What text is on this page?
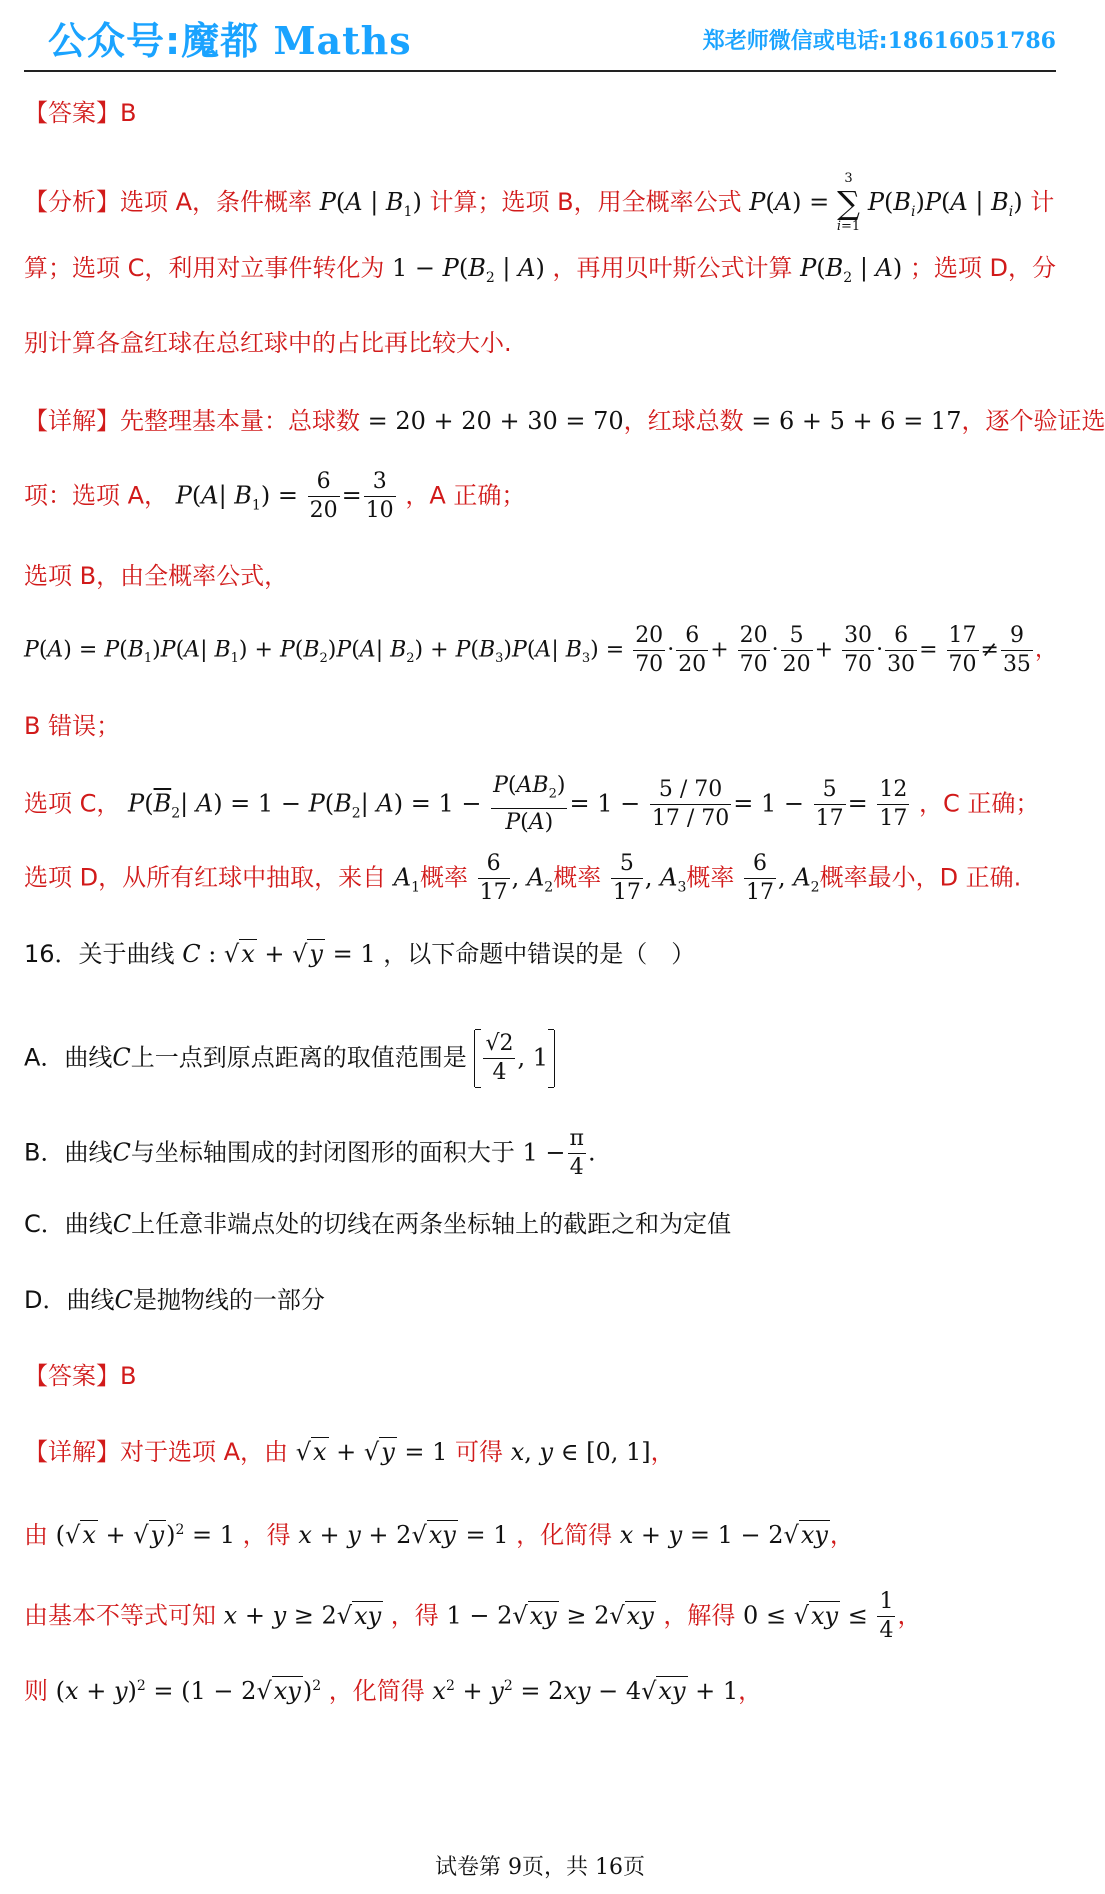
公众号:魔都 Maths	郑老师微信或电话:18616051786
【答案】B
【分析】选项 A，条件概率 P(A | $B_1$) 计算；选项 B，用全概率公式 P(A) =
3
∑
i=1
$P(B_i)P(A$ | $B_i$) 计
算；选项 C，利用对立事件转化为 $1 - P(B_2$ | A) ，再用贝叶斯公式计算 $P(B_2$ | A) ；选项 D，分
别计算各盒红球在总红球中的占比再比较大小.
【详解】先整理基本量：总球数 = 20 + 20 + 30 = 70，红球总数 = 6 + 5 + 6 = 17，逐个验证选
项：选项 A， P(A| $B_1) = \frac{6}{20} = \frac{3}{10}$ ，A 正确；
选项 B，由全概率公式，
$P(A) = P(B_1)P(A|$ $B_1) + P(B_2)P(A|$ $B_2) + P(B_3)P(A|$ $B_3) = \frac{20}{70} \cdot \frac{6}{20} + \frac{20}{70} \cdot \frac{5}{20} + \frac{30}{70} \cdot \frac{6}{30} = \frac{17}{70} \ne \frac{9}{35}$ ，
B 错误；
选项 C， $P(\overline{B}_2|$ $A) = 1 - P(B_2|$ $A) = 1 - \frac{P(AB_2)}{P(A)} = 1 - \frac{5 / 70}{17 / 70} = 1 - \frac{5}{17} = \frac{12}{17}$ ，C 正确；
选项 D，从所有红球中抽取，来自 $A_1$概率 $\frac{6}{17}$ , $A_2$概率 $\frac{5}{17}$ , $A_3$概率 $\frac{6}{17}$ , $A_2$概率最小，D 正确.
16．关于曲线 C : √x + √y = 1 ，以下命题中错误的是（　）
A．曲线C上一点到原点距离的取值范围是 $\frac{√2}{4}$ , 1
B．曲线C与坐标轴围成的封闭图形的面积大于 $1 - \frac{\pi}{4}$ .
C．曲线C上任意非端点处的切线在两条坐标轴上的截距之和为定值
D．曲线C是抛物线的一部分
【答案】B
【详解】对于选项 A，由 √x + √y = 1 可得 x, y ∈ [0, 1]，
由 $(√x + √y)^2 = 1$ ，得 x + y + 2√xy = 1 ，化简得 x + y = 1 − 2√xy，
由基本不等式可知 x + y ≥ 2√xy ，得 1 − 2√xy ≥ 2√xy ，解得 $0 \le √xy \le \frac{1}{4}$ ，
则 $(x + y)^2 = (1 - 2√xy)^2$ ，化简得 $x^2 + y^2 = 2xy - 4√xy + 1$，
试卷第 9页，共 16页
